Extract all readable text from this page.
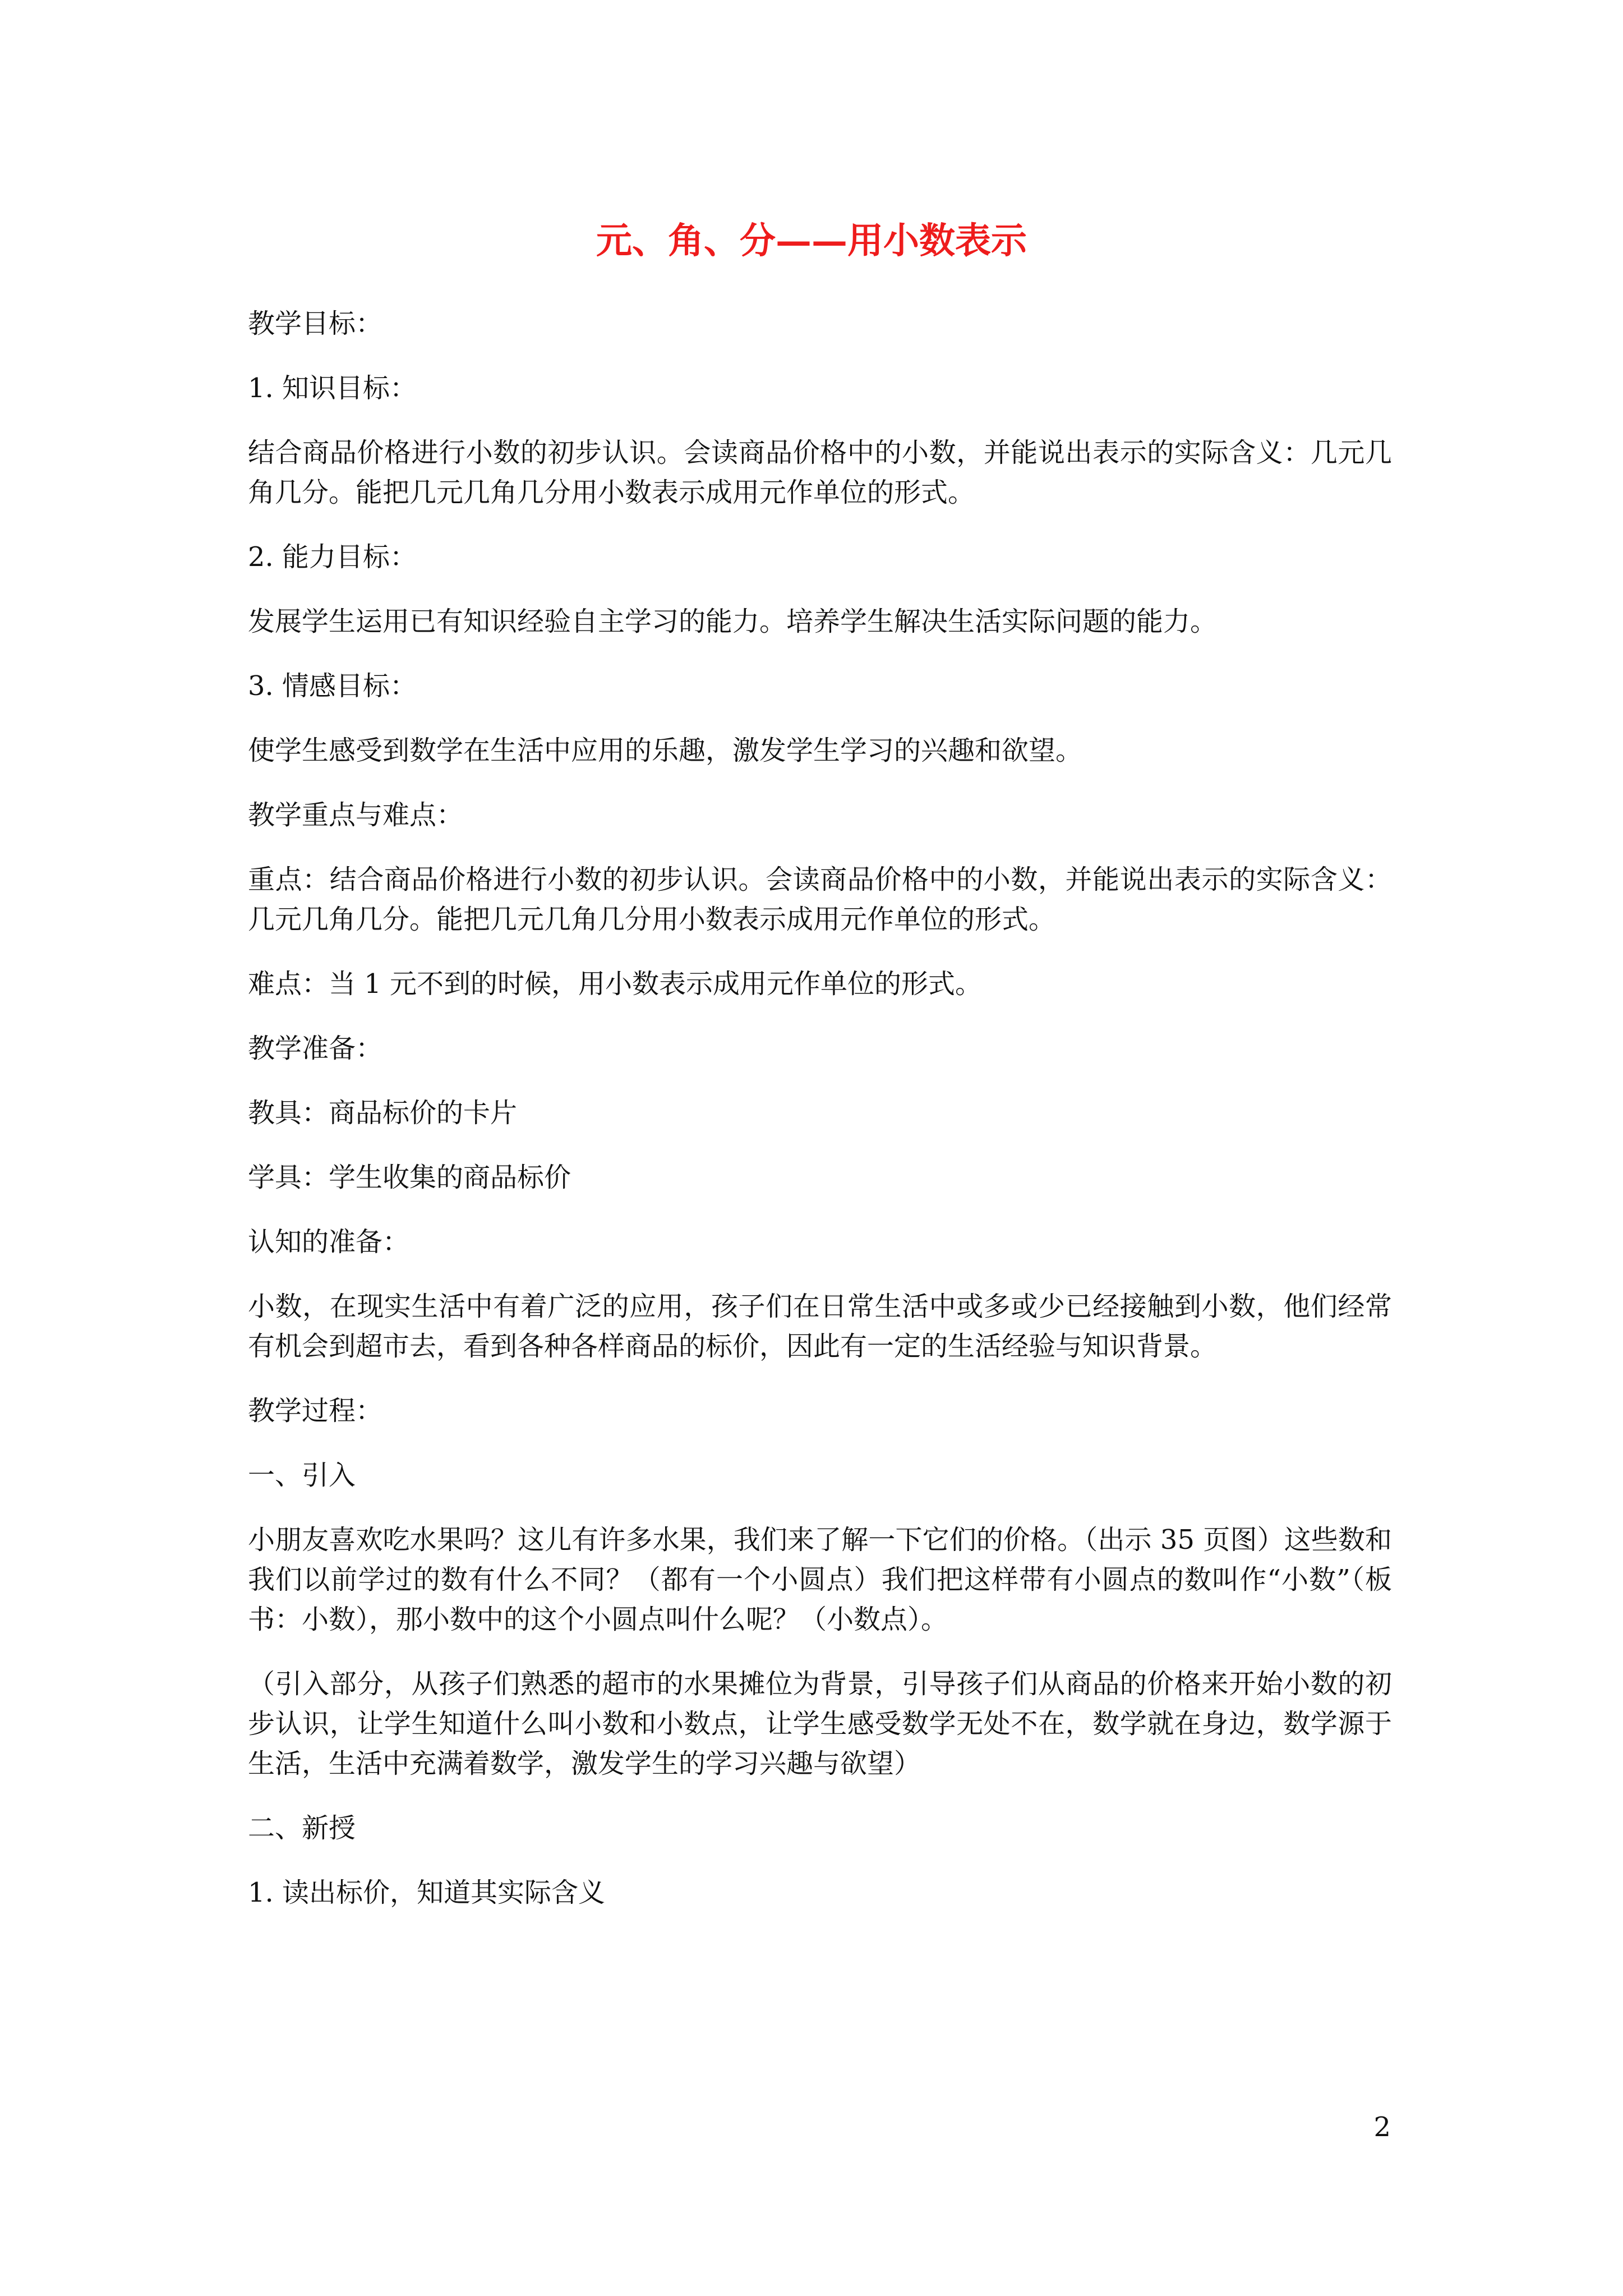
元、角、分——用小数表示

教学目标：

1. 知识目标：

结合商品价格进行小数的初步认识。会读商品价格中的小数，并能说出表示的实际含义：几元几角几分。能把几元几角几分用小数表示成用元作单位的形式。

2. 能力目标：

发展学生运用已有知识经验自主学习的能力。培养学生解决生活实际问题的能力。

3. 情感目标：

使学生感受到数学在生活中应用的乐趣，激发学生学习的兴趣和欲望。

教学重点与难点：

重点：结合商品价格进行小数的初步认识。会读商品价格中的小数，并能说出表示的实际含义：几元几角几分。能把几元几角几分用小数表示成用元作单位的形式。

难点：当 1 元不到的时候，用小数表示成用元作单位的形式。

教学准备：

教具：商品标价的卡片

学具：学生收集的商品标价

认知的准备：

小数，在现实生活中有着广泛的应用，孩子们在日常生活中或多或少已经接触到小数，他们经常有机会到超市去，看到各种各样商品的标价，因此有一定的生活经验与知识背景。

教学过程：

一、引入

小朋友喜欢吃水果吗？这儿有许多水果，我们来了解一下它们的价格。（出示 35 页图）这些数和我们以前学过的数有什么不同？（都有一个小圆点）我们把这样带有小圆点的数叫作“小数”（板书：小数），那小数中的这个小圆点叫什么呢？（小数点）。

（引入部分，从孩子们熟悉的超市的水果摊位为背景，引导孩子们从商品的价格来开始小数的初步认识，让学生知道什么叫小数和小数点，让学生感受数学无处不在，数学就在身边，数学源于生活，生活中充满着数学，激发学生的学习兴趣与欲望）

二、新授

1. 读出标价，知道其实际含义

2
